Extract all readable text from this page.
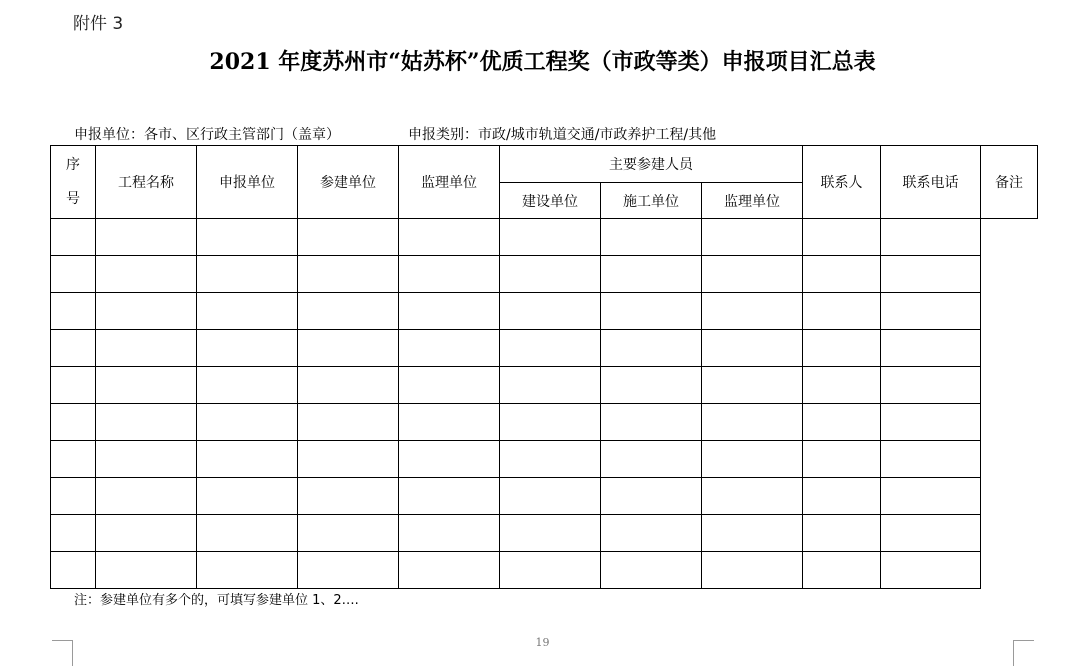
附件 3
2021 年度苏州市“姑苏杯”优质工程奖（市政等类）申报项目汇总表
申报单位：各市、区行政主管部门（盖章）	申报类别：市政/城市轨道交通/市政养护工程/其他
序
号	工程名称	申报单位	参建单位	监理单位	主要参建人员			联系人	联系电话	备注
					建设单位	施工单位	监理单位			

注：参建单位有多个的，可填写参建单位 1、2….
19
